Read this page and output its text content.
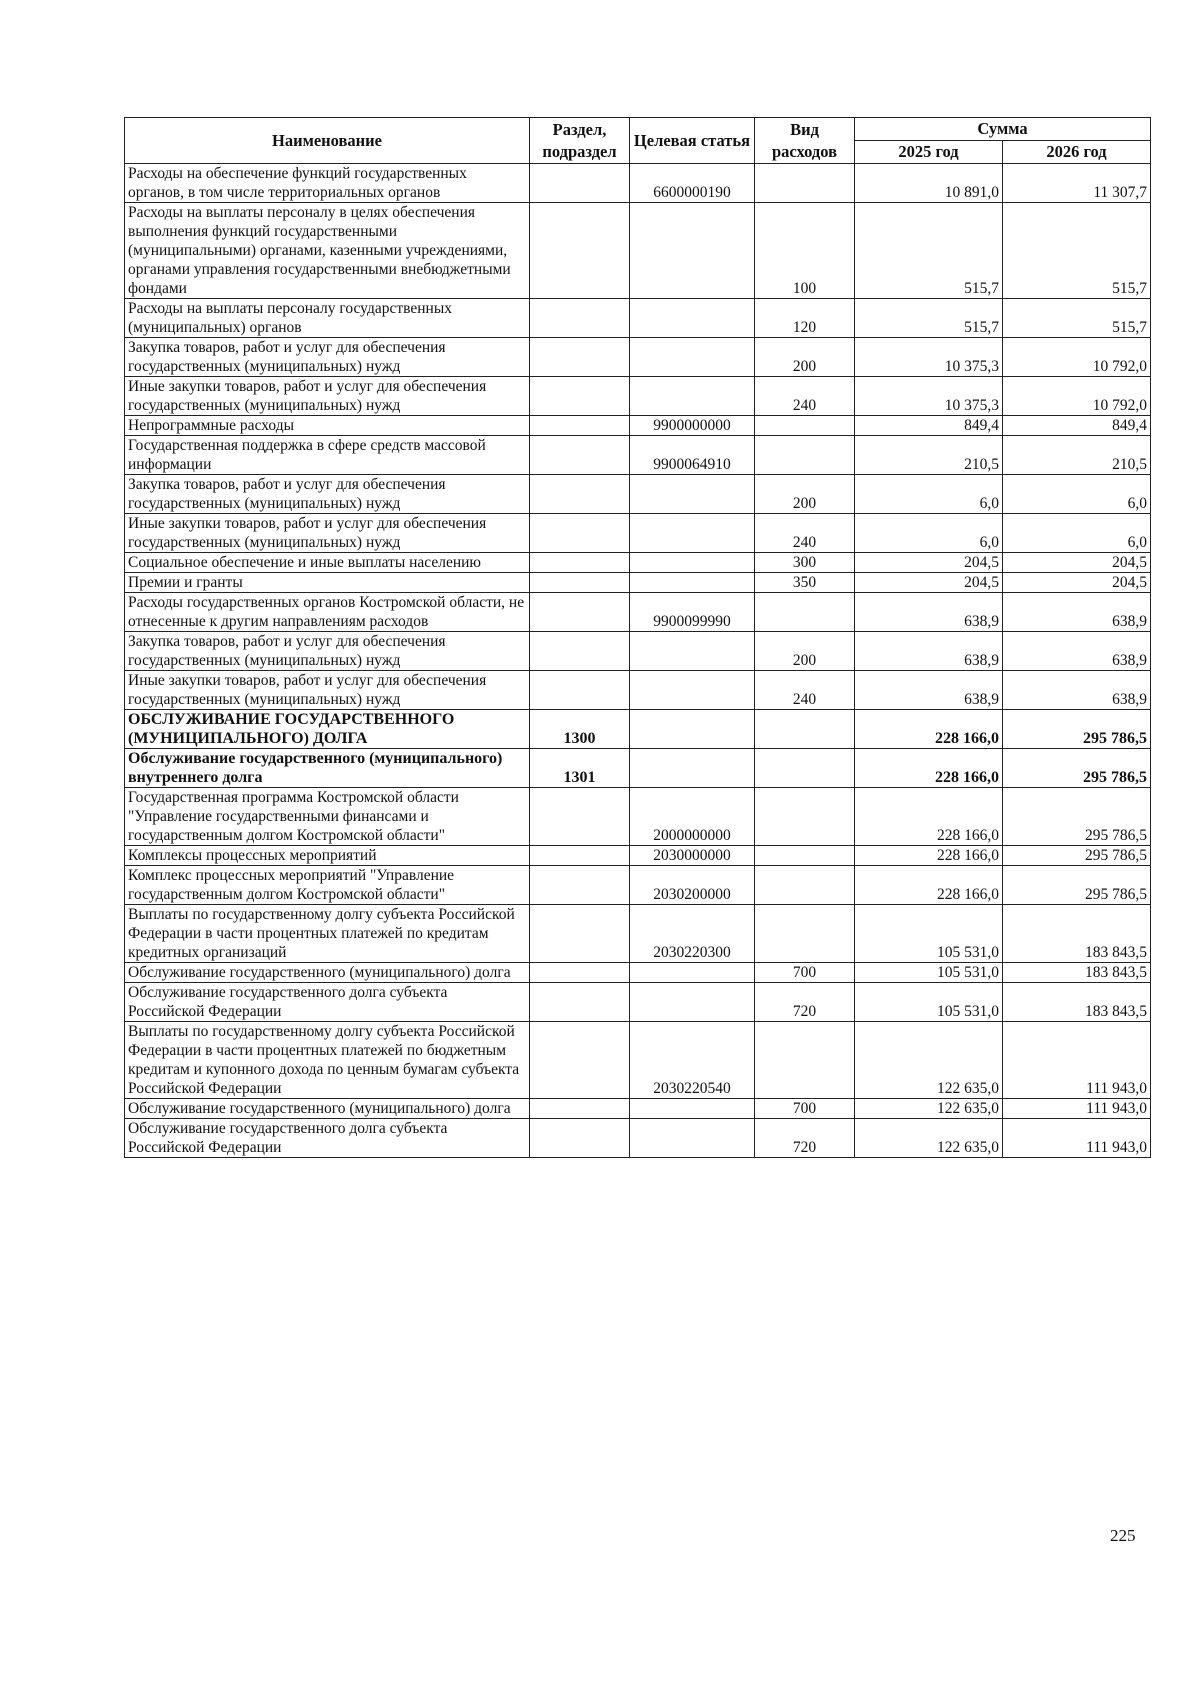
Наименование	Раздел, подраздел	Целевая статья	Вид расходов	Сумма	
				2025 год	2026 год
Расходы на обеспечение функций государственных органов, в том числе территориальных органов		6600000190		10 891,0	11 307,7
Расходы на выплаты персоналу в целях обеспечения выполнения функций государственными (муниципальными) органами, казенными учреждениями, органами управления государственными внебюджетными фондами			100	515,7	515,7
Расходы на выплаты персоналу государственных (муниципальных) органов			120	515,7	515,7
Закупка товаров, работ и услуг для обеспечения государственных (муниципальных) нужд			200	10 375,3	10 792,0
Иные закупки товаров, работ и услуг для обеспечения государственных (муниципальных) нужд			240	10 375,3	10 792,0
Непрограммные расходы		9900000000		849,4	849,4
Государственная поддержка в сфере средств массовой информации		9900064910		210,5	210,5
Закупка товаров, работ и услуг для обеспечения государственных (муниципальных) нужд			200	6,0	6,0
Иные закупки товаров, работ и услуг для обеспечения государственных (муниципальных) нужд			240	6,0	6,0
Социальное обеспечение и иные выплаты населению			300	204,5	204,5
Премии и гранты			350	204,5	204,5
Расходы государственных органов Костромской области, не отнесенные к другим направлениям расходов		9900099990		638,9	638,9
Закупка товаров, работ и услуг для обеспечения государственных (муниципальных) нужд			200	638,9	638,9
Иные закупки товаров, работ и услуг для обеспечения государственных (муниципальных) нужд			240	638,9	638,9
ОБСЛУЖИВАНИЕ ГОСУДАРСТВЕННОГО (МУНИЦИПАЛЬНОГО) ДОЛГА	1300			228 166,0	295 786,5
Обслуживание государственного (муниципального) внутреннего долга	1301			228 166,0	295 786,5
Государственная программа Костромской области "Управление государственными финансами и государственным долгом Костромской области"		2000000000		228 166,0	295 786,5
Комплексы процессных мероприятий		2030000000		228 166,0	295 786,5
Комплекс процессных мероприятий "Управление государственным долгом Костромской области"		2030200000		228 166,0	295 786,5
Выплаты по государственному долгу субъекта Российской Федерации в части процентных платежей по кредитам кредитных организаций		2030220300		105 531,0	183 843,5
Обслуживание государственного (муниципального) долга			700	105 531,0	183 843,5
Обслуживание государственного долга субъекта Российской Федерации			720	105 531,0	183 843,5
Выплаты по государственному долгу субъекта Российской Федерации в части процентных платежей по бюджетным кредитам и купонного дохода по ценным бумагам субъекта Российской Федерации		2030220540		122 635,0	111 943,0
Обслуживание государственного (муниципального) долга			700	122 635,0	111 943,0
Обслуживание государственного долга субъекта Российской Федерации			720	122 635,0	111 943,0
225
